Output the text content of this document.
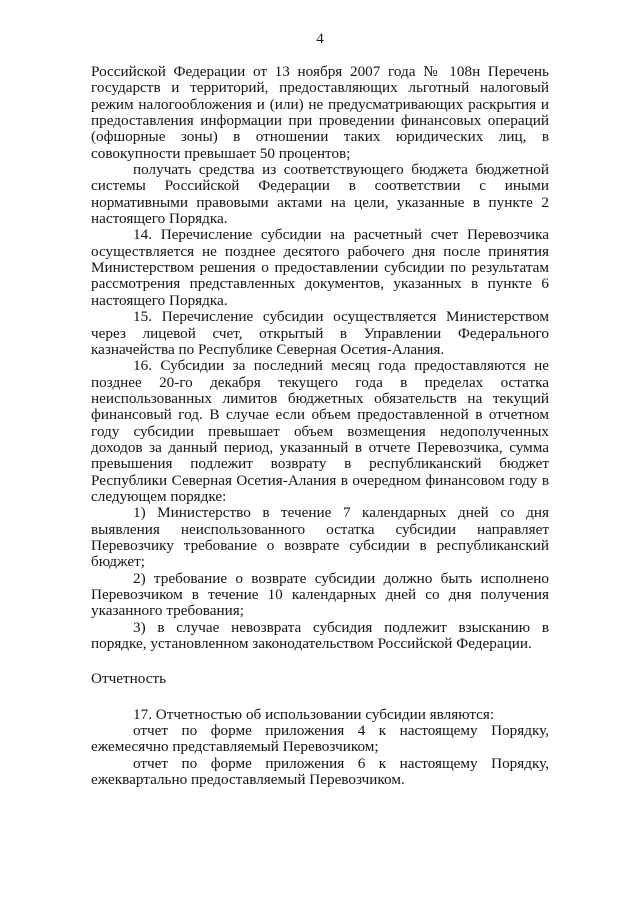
4

Российской Федерации от 13 ноября 2007 года № 108н Перечень государств и территорий, предоставляющих льготный налоговый режим налогообложения и (или) не предусматривающих раскрытия и предоставления информации при проведении финансовых операций (офшорные зоны) в отношении таких юридических лиц, в совокупности превышает 50 процентов;

получать средства из соответствующего бюджета бюджетной системы Российской Федерации в соответствии с иными нормативными правовыми актами на цели, указанные в пункте 2 настоящего Порядка.

14. Перечисление субсидии на расчетный счет Перевозчика осуществляется не позднее десятого рабочего дня после принятия Министерством решения о предоставлении субсидии по результатам рассмотрения представленных документов, указанных в пункте 6 настоящего Порядка.

15. Перечисление субсидии осуществляется Министерством через лицевой счет, открытый в Управлении Федерального казначейства по Республике Северная Осетия-Алания.

16. Субсидии за последний месяц года предоставляются не позднее 20-го декабря текущего года в пределах остатка неиспользованных лимитов бюджетных обязательств на текущий финансовый год. В случае если объем предоставленной в отчетном году субсидии превышает объем возмещения недополученных доходов за данный период, указанный в отчете Перевозчика, сумма превышения подлежит возврату в республиканский бюджет Республики Северная Осетия-Алания в очередном финансовом году в следующем порядке:

1) Министерство в течение 7 календарных дней со дня выявления неиспользованного остатка субсидии направляет Перевозчику требование о возврате субсидии в республиканский бюджет;

2) требование о возврате субсидии должно быть исполнено Перевозчиком в течение 10 календарных дней со дня получения указанного требования;

3) в случае невозврата субсидия подлежит взысканию в порядке, установленном законодательством Российской Федерации.

Отчетность

17. Отчетностью об использовании субсидии являются:

отчет по форме приложения 4 к настоящему Порядку, ежемесячно представляемый Перевозчиком;

отчет по форме приложения 6 к настоящему Порядку, ежеквартально предоставляемый Перевозчиком.
